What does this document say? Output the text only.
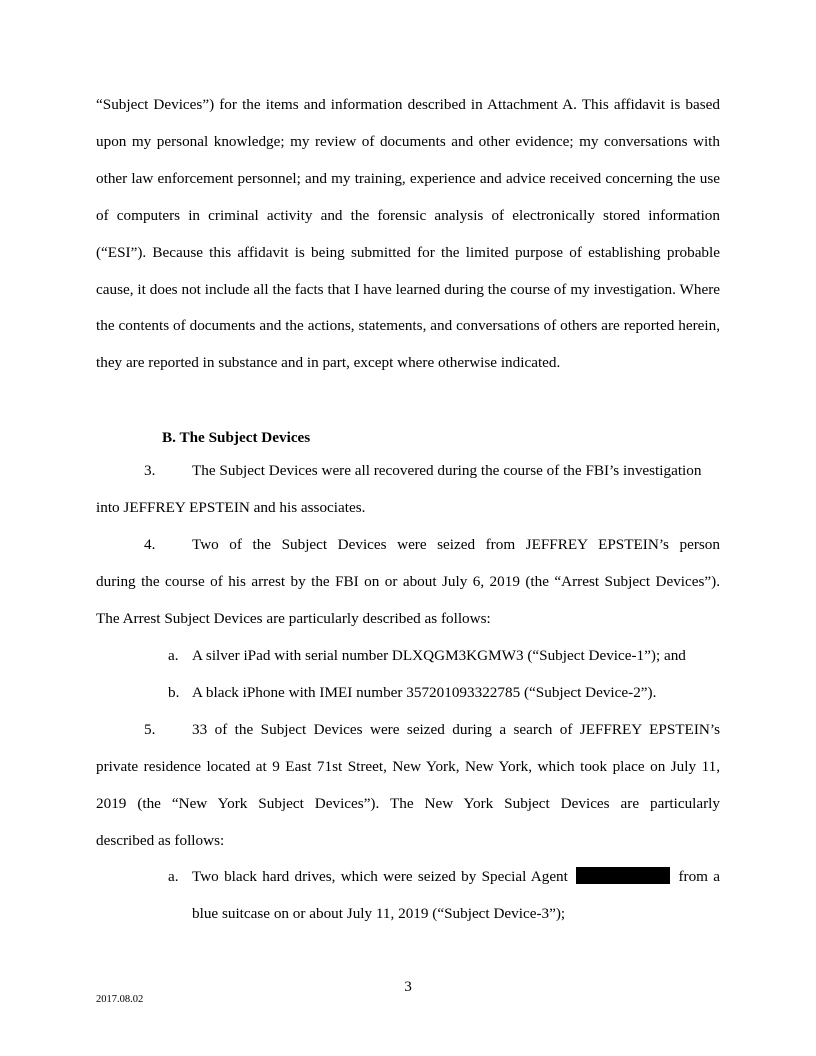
“Subject Devices”) for the items and information described in Attachment A. This affidavit is based upon my personal knowledge; my review of documents and other evidence; my conversations with other law enforcement personnel; and my training, experience and advice received concerning the use of computers in criminal activity and the forensic analysis of electronically stored information (“ESI”). Because this affidavit is being submitted for the limited purpose of establishing probable cause, it does not include all the facts that I have learned during the course of my investigation. Where the contents of documents and the actions, statements, and conversations of others are reported herein, they are reported in substance and in part, except where otherwise indicated.

B. The Subject Devices
3. The Subject Devices were all recovered during the course of the FBI’s investigation
into JEFFREY EPSTEIN and his associates.
4. Two of the Subject Devices were seized from JEFFREY EPSTEIN’s person
during the course of his arrest by the FBI on or about July 6, 2019 (the “Arrest Subject Devices”).
The Arrest Subject Devices are particularly described as follows:
a. A silver iPad with serial number DLXQGM3KGMW3 (“Subject Device-1”); and
b. A black iPhone with IMEI number 357201093322785 (“Subject Device-2”).
5. 33 of the Subject Devices were seized during a search of JEFFREY EPSTEIN’s
private residence located at 9 East 71st Street, New York, New York, which took place on July 11,
2019 (the “New York Subject Devices”). The New York Subject Devices are particularly
described as follows:
a. Two black hard drives, which were seized by Special Agent	from a
blue suitcase on or about July 11, 2019 (“Subject Device-3”);
3
2017.08.02
